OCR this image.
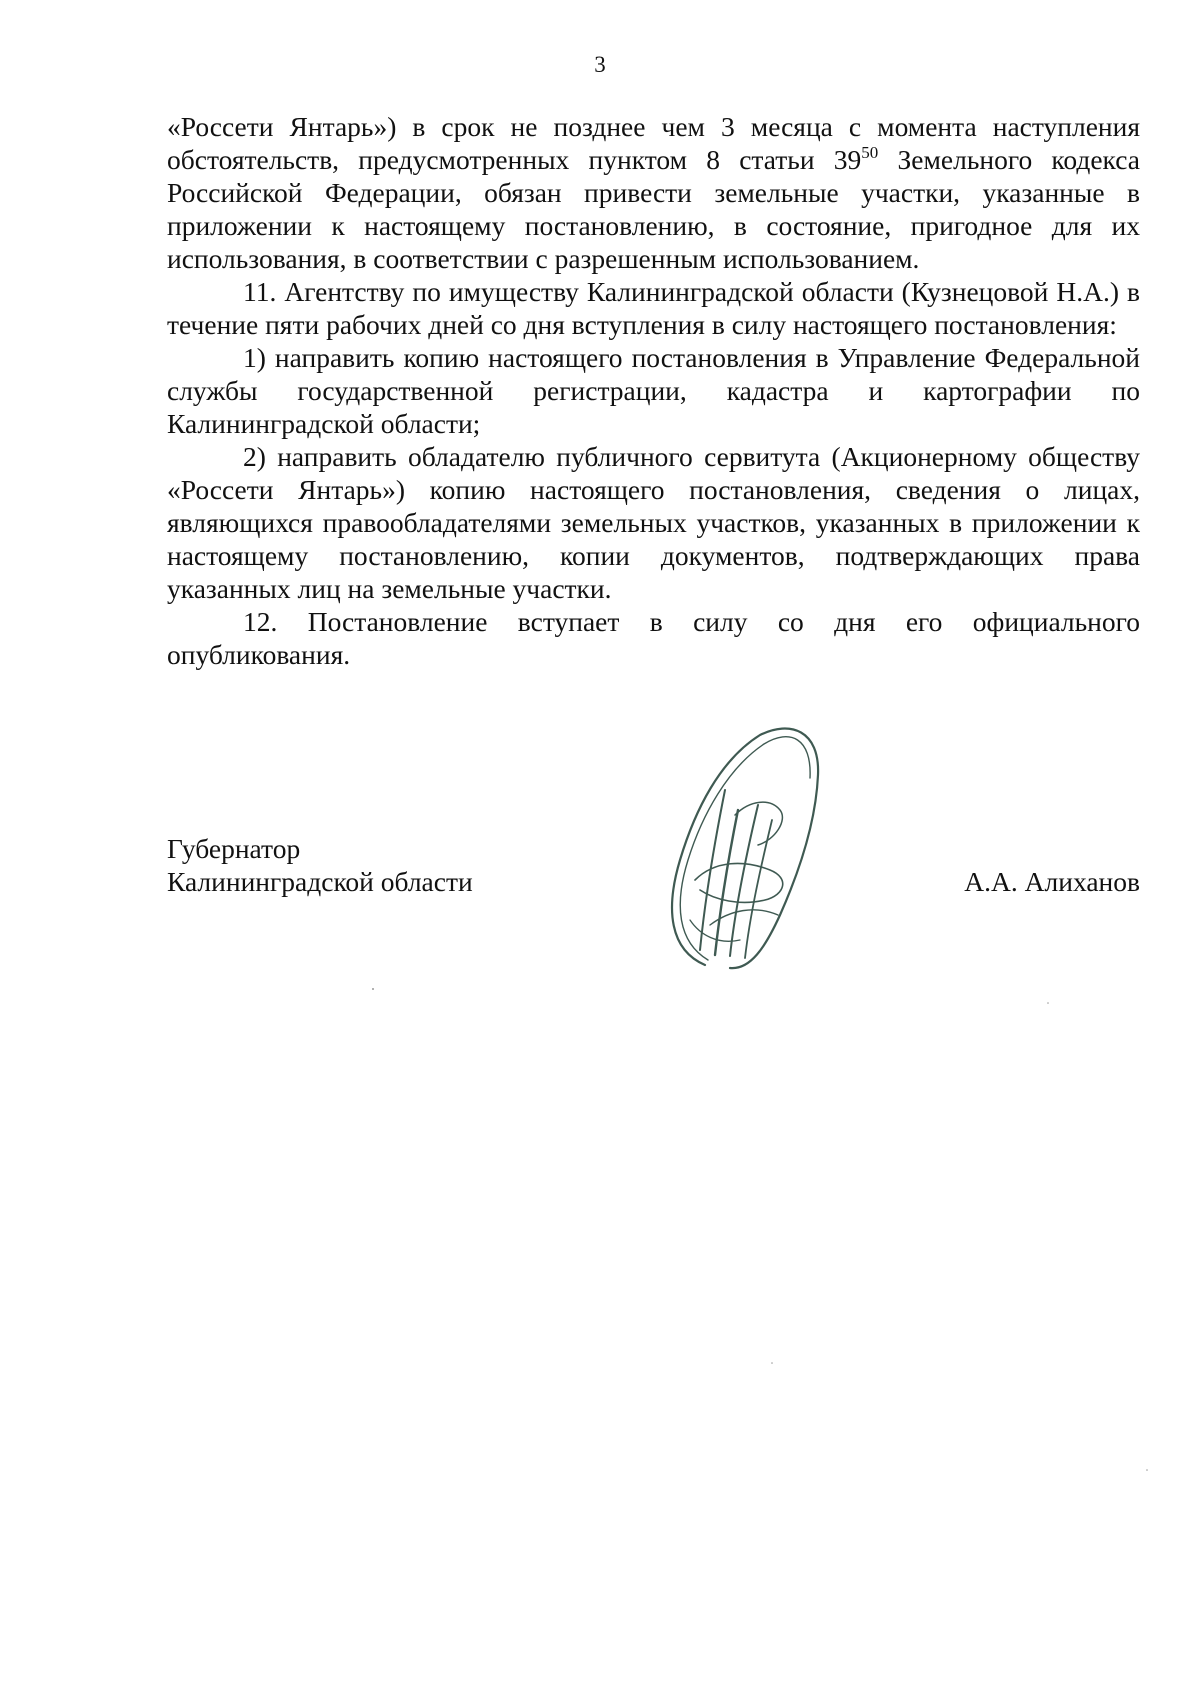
3

«Россети Янтарь») в срок не позднее чем 3 месяца с момента наступления обстоятельств, предусмотренных пунктом 8 статьи $39^{50}$ Земельного кодекса Российской Федерации, обязан привести земельные участки, указанные в приложении к настоящему постановлению, в состояние, пригодное для их использования, в соответствии с разрешенным использованием.

11. Агентству по имуществу Калининградской области (Кузнецовой Н.А.) в течение пяти рабочих дней со дня вступления в силу настоящего постановления:

1) направить копию настоящего постановления в Управление Федеральной службы государственной регистрации, кадастра и картографии по Калининградской области;

2) направить обладателю публичного сервитута (Акционерному обществу «Россети Янтарь») копию настоящего постановления, сведения о лицах, являющихся правообладателями земельных участков, указанных в приложении к настоящему постановлению, копии документов, подтверждающих права указанных лиц на земельные участки.

12. Постановление вступает в силу со дня его официального опубликования.

Губернатор
Калининградской области	А.А. Алиханов
